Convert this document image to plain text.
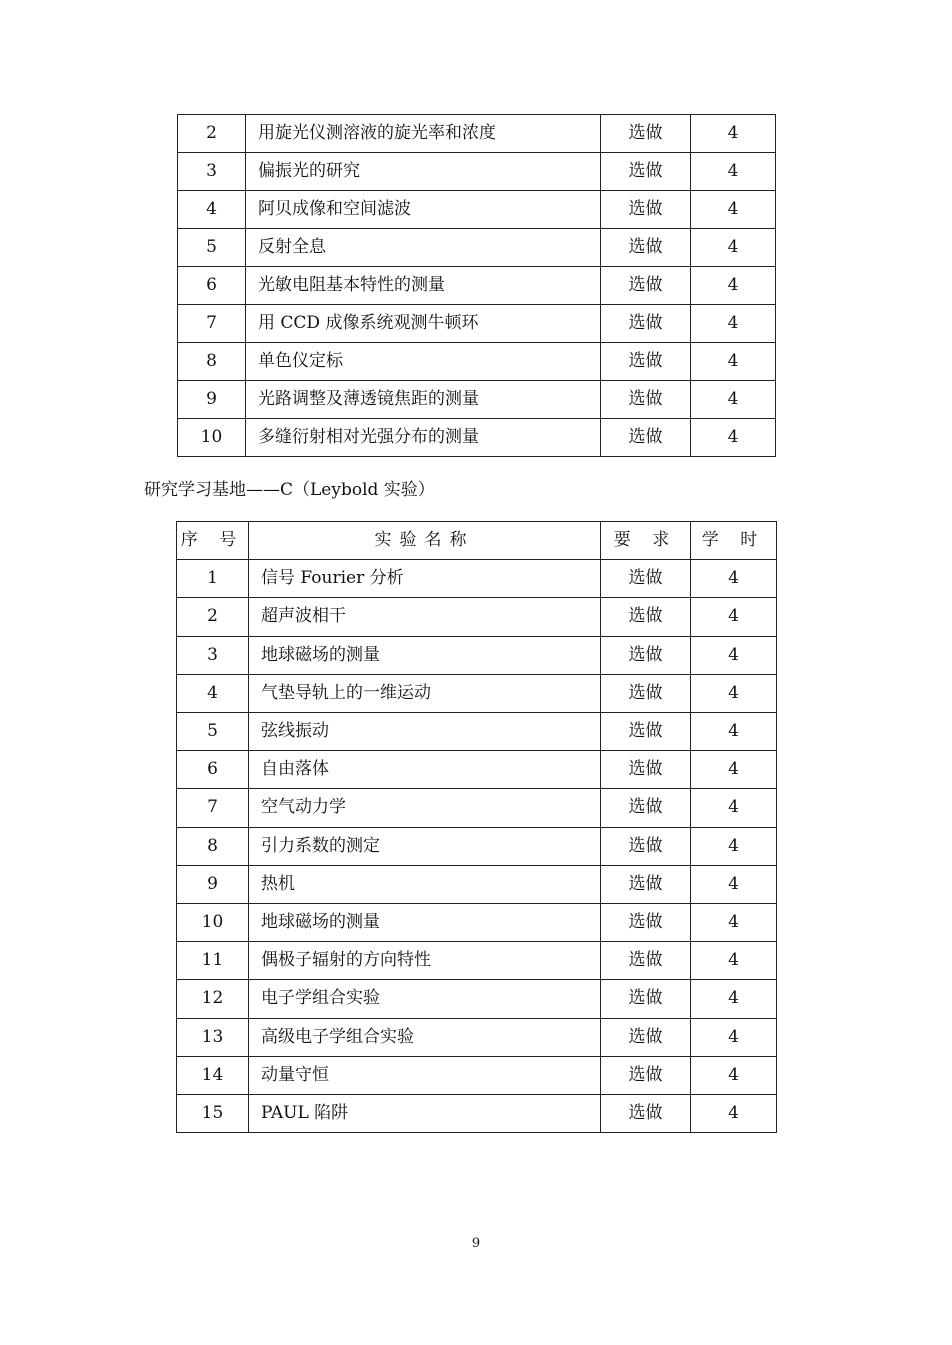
2	用旋光仪测溶液的旋光率和浓度	选做	4
3	偏振光的研究	选做	4
4	阿贝成像和空间滤波	选做	4
5	反射全息	选做	4
6	光敏电阻基本特性的测量	选做	4
7	用 CCD 成像系统观测牛顿环	选做	4
8	单色仪定标	选做	4
9	光路调整及薄透镜焦距的测量	选做	4
10	多缝衍射相对光强分布的测量	选做	4
研究学习基地——C（Leybold 实验）
序 号	实验名称	要 求	学 时
1	信号 Fourier 分析	选做	4
2	超声波相干	选做	4
3	地球磁场的测量	选做	4
4	气垫导轨上的一维运动	选做	4
5	弦线振动	选做	4
6	自由落体	选做	4
7	空气动力学	选做	4
8	引力系数的测定	选做	4
9	热机	选做	4
10	地球磁场的测量	选做	4
11	偶极子辐射的方向特性	选做	4
12	电子学组合实验	选做	4
13	高级电子学组合实验	选做	4
14	动量守恒	选做	4
15	PAUL 陷阱	选做	4
9
